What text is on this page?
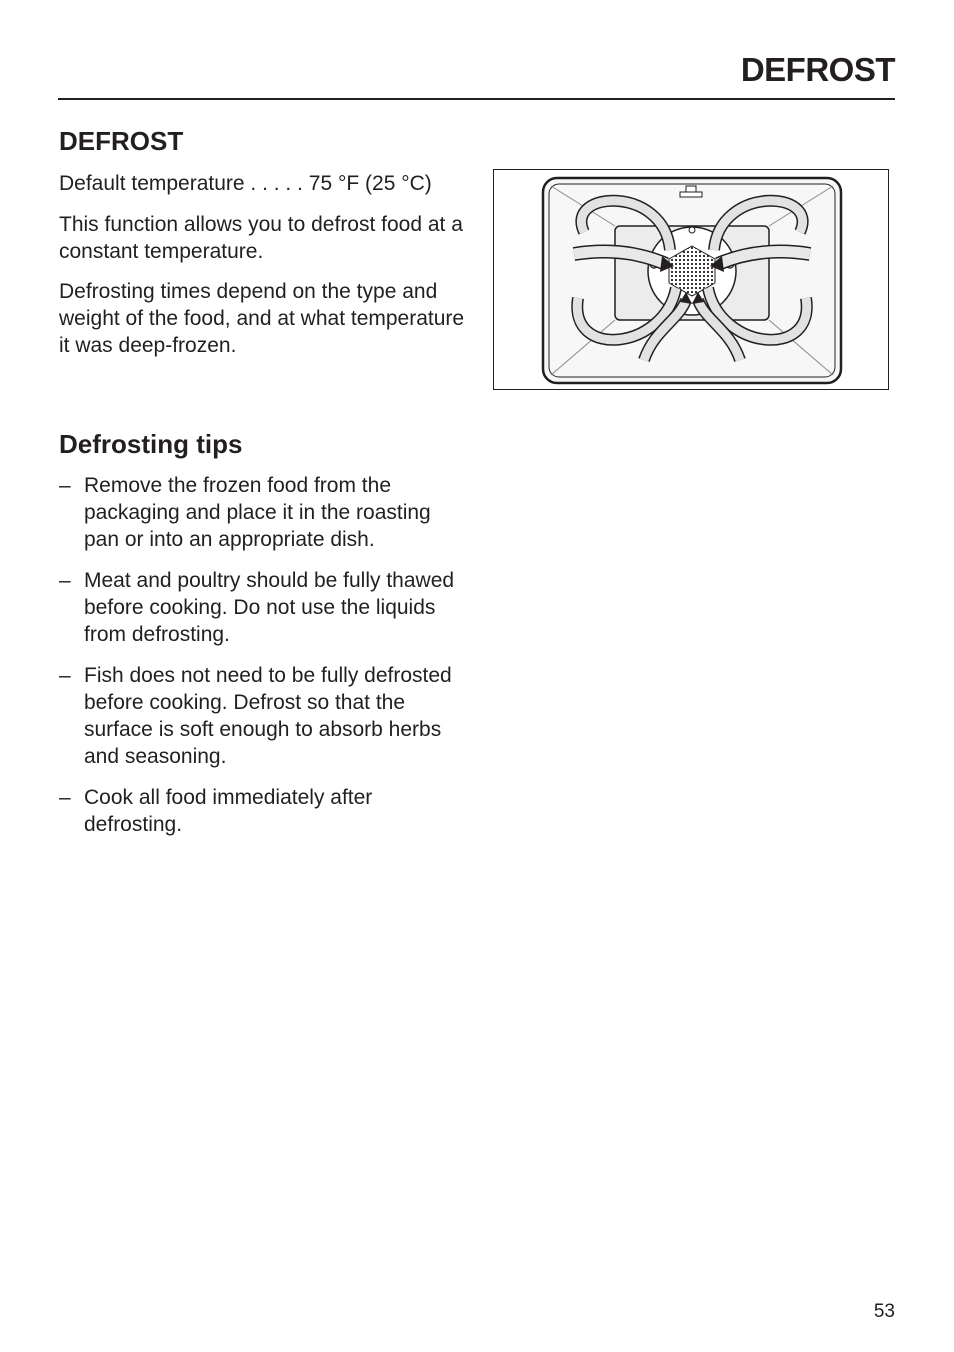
DEFROST
DEFROST
Default temperature . . . . . 75 °F (25 °C)
This function allows you to defrost food at a constant temperature.
Defrosting times depend on the type and weight of the food, and at what temperature it was deep-frozen.
Defrosting tips
– Remove the frozen food from the packaging and place it in the roasting pan or into an appropriate dish.
– Meat and poultry should be fully thawed before cooking. Do not use the liquids from defrosting.
– Fish does not need to be fully defrosted before cooking. Defrost so that the surface is soft enough to absorb herbs and seasoning.
– Cook all food immediately after defrosting.
53
